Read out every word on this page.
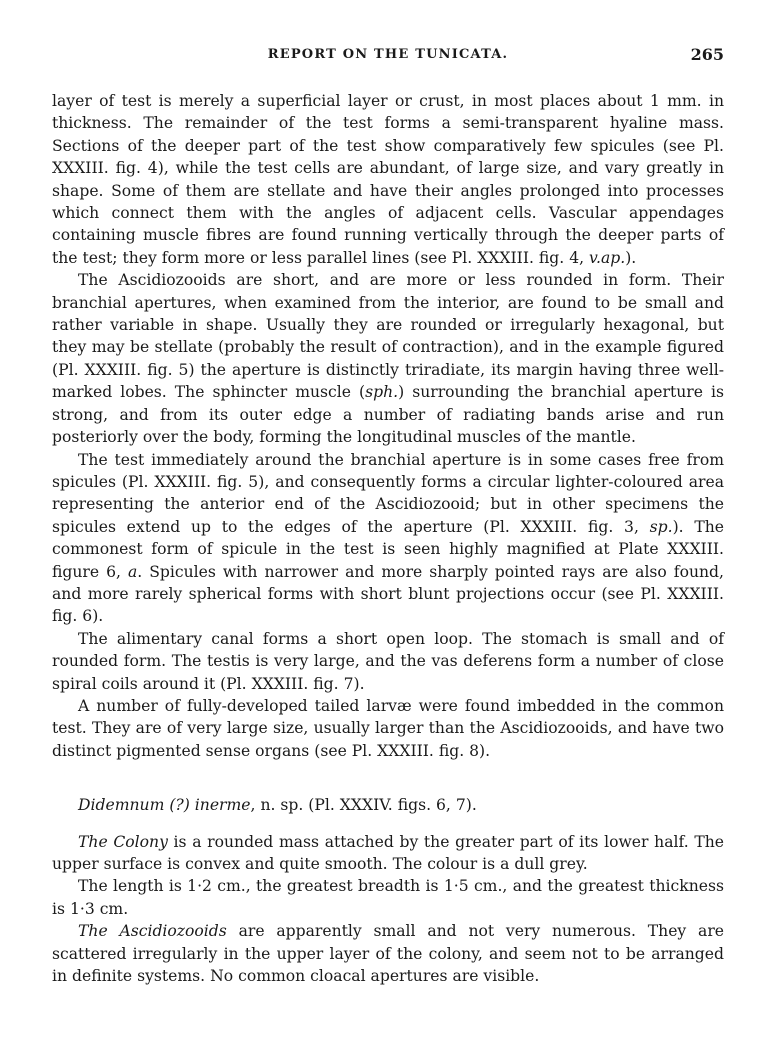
REPORT ON THE TUNICATA.	265

layer of test is merely a superficial layer or crust, in most places about 1 mm. in thickness. The remainder of the test forms a semi-transparent hyaline mass. Sections of the deeper part of the test show comparatively few spicules (see Pl. XXXIII. fig. 4), while the test cells are abundant, of large size, and vary greatly in shape. Some of them are stellate and have their angles prolonged into processes which connect them with the angles of adjacent cells. Vascular appendages containing muscle fibres are found running vertically through the deeper parts of the test; they form more or less parallel lines (see Pl. XXXIII. fig. 4, v.ap.).

The Ascidiozooids are short, and are more or less rounded in form. Their branchial apertures, when examined from the interior, are found to be small and rather variable in shape. Usually they are rounded or irregularly hexagonal, but they may be stellate (probably the result of contraction), and in the example figured (Pl. XXXIII. fig. 5) the aperture is distinctly triradiate, its margin having three well-marked lobes. The sphincter muscle (sph.) surrounding the branchial aperture is strong, and from its outer edge a number of radiating bands arise and run posteriorly over the body, forming the longitudinal muscles of the mantle.

The test immediately around the branchial aperture is in some cases free from spicules (Pl. XXXIII. fig. 5), and consequently forms a circular lighter-coloured area representing the anterior end of the Ascidiozooid; but in other specimens the spicules extend up to the edges of the aperture (Pl. XXXIII. fig. 3, sp.). The commonest form of spicule in the test is seen highly magnified at Plate XXXIII. figure 6, a. Spicules with narrower and more sharply pointed rays are also found, and more rarely spherical forms with short blunt projections occur (see Pl. XXXIII. fig. 6).

The alimentary canal forms a short open loop. The stomach is small and of rounded form. The testis is very large, and the vas deferens form a number of close spiral coils around it (Pl. XXXIII. fig. 7).

A number of fully-developed tailed larvæ were found imbedded in the common test. They are of very large size, usually larger than the Ascidiozooids, and have two distinct pigmented sense organs (see Pl. XXXIII. fig. 8).

Didemnum (?) inerme, n. sp. (Pl. XXXIV. figs. 6, 7).

The Colony is a rounded mass attached by the greater part of its lower half. The upper surface is convex and quite smooth. The colour is a dull grey.

The length is 1·2 cm., the greatest breadth is 1·5 cm., and the greatest thickness is 1·3 cm.

The Ascidiozooids are apparently small and not very numerous. They are scattered irregularly in the upper layer of the colony, and seem not to be arranged in definite systems. No common cloacal apertures are visible.
